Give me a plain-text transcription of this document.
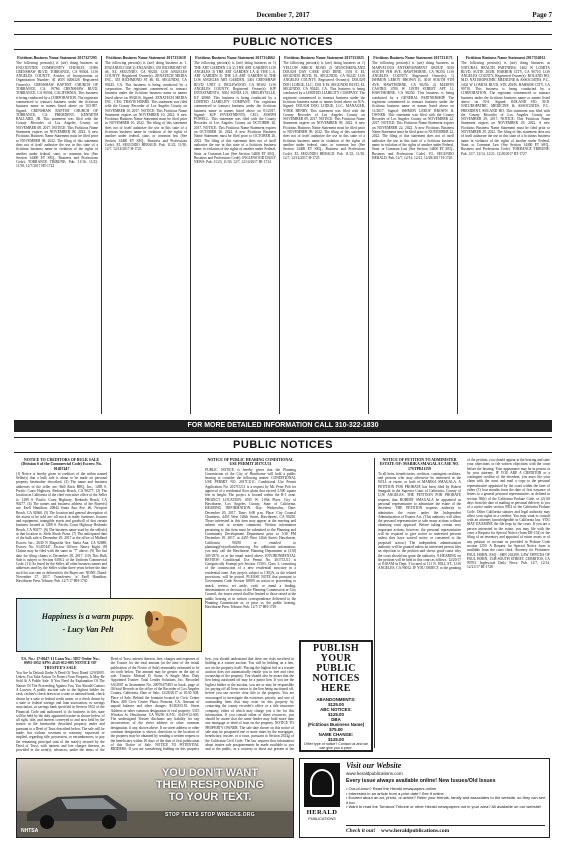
December 7, 2017	Page 7
PUBLIC NOTICES
Fictitious Business Name Statement 2017327295
The following person(s) is (are) doing business as ENCOUNTER COMMUNITY CHURCH, 11906 CRENSHAW BLVD, TORRANCE, CA 90504. LOS ANGELES COUNTY. Articles of Incorporation or Organization Number: AI #ON 0206328. Registered Owner(s): CRENSHAW BAPTIST CHURCH OF TORRANCE, CA, 19766 CRENSHAW BLVD, TORRANCE, CA 90504, CALIFORNIA. This business is being conducted by a CORPORATION. The registrant commenced to transact business under the fictitious business name or names listed above on 10/1987. Signed: CRENSHAW BAPTIST CHURCH OF TORRANCE, CA, PRESIDENT, KENNETH BALLARD, JR. This statement was filed with the County Recorder of Los Angeles County on NOVEMBER 08, 2017. NOTICE: This Fictitious Name Statement expires on NOVEMBER 08, 2022. A new Fictitious Business Name Statement must be filed prior to NOVEMBER 08, 2022. The filing of this statement does not of itself authorize the use in this state of a fictitious business name in violation of the rights of another under federal, state, or common law (See Section 14400 ET SEQ., Business and Professions Code). TORRANCE TRIBUNE: Pub. 11/16, 11/23, 11/30, 12/7/2017 HT-1722
Fictitious Business Name Statement 2017331618
The following person(s) is (are) doing business as 1. ENZANDO.COM 2) ENZANDO, 355 RICHMOND ST #6, EL SEGUNDO, CA 90245. LOS ANGELES COUNTY. Registered Owner(s): ZENATECH MEDIA INC., 355 RICHMOND ST #6, EL SEGUNDO, CA 90245, CA. This business is being conducted by a corporation. The registrant commenced to transact business under the fictitious business name or names listed above on 09/2016. Signed: ZENATECH MEDIA INC., CEO, TRAVIS HOBBS. This statement was filed with the County Recorder of Los Angeles County on NOVEMBER 10, 2017. NOTICE: This Fictitious Name Statement expires on NOVEMBER 10, 2022. A new Fictitious Business Name Statement must be filed prior to NOVEMBER 10, 2022. The filing of this statement does not of itself authorize the use in this state of a fictitious business name in violation of the rights of another under federal, state, or common law (See Section 14400 ET SEQ., Business and Professions Code). EL SEGUNDO HERALD: Pub. 11/23, 11/30, 12/7, 12/14/2017 H-1723
Fictitious Business Name Statement 2017314662
The following person(s) is (are) doing business as 1) THE ART GARDEN LA 2) THE ART GARDEN LOS ANGELES 3) THE ART GARDEN LA 4) THE L.A. ART GARDEN 5) THE LA ART GARDEN 6) THE LOS ANGELES ART GARDEN, 3401 CRENSHAW BLVD. UNIT 2, INGLEWOOD, CA 90302. LOS ANGELES COUNTY. Registered Owner(s): KJP INVESTMENTS, 3004 SONIA LN, SHELBYVILLE, KY 40065. This business is being conducted by a LIMITED LIABILITY COMPANY. The registrant commenced to transact business under the fictitious business name or names listed above on 01/2017. Signed: KJP INVESTMENTS, CEO, JOSEPH POWELL. This statement was filed with the County Recorder of Los Angeles County on OCTOBER 26, 2017. NOTICE: This Fictitious Name Statement expires on OCTOBER 26, 2022. A new Fictitious Business Name Statement must be filed prior to OCTOBER 26, 2022. The filing of this statement does not of itself authorize the use in this state of a fictitious business name in violation of the rights of another under Federal, State, or Common Law (See Section 14400 ET SEQ., Business and Professions Code). INGLEWOOD DAILY NEWS: Pub. 11/23, 11/30, 12/7, 12/14/2017 HI-1724
Fictitious Business Name Statement 2017331025
The following person(s) is (are) doing business as 1) YELLOW BRICK ROAD 2) MUNCHKINLAND DOUGH DAY CARE AND DINE, 1501 E EL SEGUNDO BLVD, EL SEGUNDO, CA 90245. LOS ANGELES COUNTY. Registered Owner(s): DOUGH DOG LODGE, LLC, 1501 E EL SEGUNDO BLVD, EL SEGUNDO, CA 90245, CA. This business is being conducted by a LIMITED LIABILITY COMPANY. The registrant commenced to transact business under the fictitious business name or names listed above on N/A. Signed: DOUGH DOG LODGE, LLC, MANAGER, YORK HENRY. This statement was filed with the County Recorder of Los Angeles County on NOVEMBER 09, 2017. NOTICE: This Fictitious Name Statement expires on NOVEMBER 09, 2022. A new Fictitious Business Name Statement must be filed prior to NOVEMBER 09, 2022. The filing of this statement does not of itself authorize the use in this state of a fictitious business name in violation of the rights of another under federal, state, or common law (See Section 14400 ET SEQ., Business and Professions Code). EL SEGUNDO HERALD: Pub. 11/23, 11/30, 12/7, 12/14/2017 H-1725
Fictitious Business Name Statement 2017331171
The following person(s) is (are) doing business as MARVELOUS ENTERTAINMENT GROUP, 3010 SOUTH 9TH AVE, HAWTHORNE, CA 90250. LOS ANGELES COUNTY. Registered Owner(s): 1) ISHMON LEROY BROWN II, 3010 SOUTH 9TH AVE, HAWTHORNE, CA 90250. 2) MARVIN CASTRO, 4700 W 139TH STREET APT 11, HAWTHORNE, CA 90250. This business is being conducted by a GENERAL PARTNERSHIP. The registrant commenced to transact business under the fictitious business name or names listed above on 11/2017. Signed: ISHMON LEROY BROWN II, OWNER. This statement was filed with the County Recorder of Los Angeles County on NOVEMBER 22, 2017. NOTICE: This Fictitious Name Statement expires on NOVEMBER 22, 2022. A new Fictitious Business Name Statement must be filed prior to NOVEMBER 22, 2022. The filing of this statement does not of itself authorize the use in this state of a fictitious business name in violation of the rights of another under Federal, State, or Common Law (See Section 14400 ET SEQ., Business and Professions Code). EL SEGUNDO HERALD: Pub. 12/7, 12/14, 12/21, 12/28/2017 H-1726
Fictitious Business Name Statement 2017334012
The following person(s) is (are) doing business as NATURAL HEALTH PARTNERS, 1402 W LOMITA BLVD, SUITE 203/B, HARBOR CITY, CA 90710. LOS ANGELES COUNTY. Registered Owner(s): ROLAND HO, M.D. NATUROPATHIC MEDICINE & ASSOCIATES, P.C., 1402 W LOMITA BLVD, STE 203/B, HARBOR CITY, CA 90710. This business is being conducted by a CORPORATION. The registrant commenced to transact business under the fictitious business name or names listed above on N/A. Signed: ROLAND HO, M.D. NATUROPATHIC MEDICINE & ASSOCIATES, P.C., PRESIDENT, ROLAND HO. This statement was filed with the County Recorder of Los Angeles County on NOVEMBER 29, 2017. NOTICE: This Fictitious Name Statement expires on NOVEMBER 29, 2022. A new Fictitious Business Name Statement must be filed prior to NOVEMBER 29, 2022. The filing of this statement does not of itself authorize the use in this state of a fictitious business name in violation of the rights of another under Federal, State, or Common Law (See Section 14400 ET SEQ., Business and Professions Code). TORRANCE TRIBUNE: Pub. 12/7, 12/14, 12/21, 12/28/2017 HT-1727
FOR MORE DETAILED INFORMATION CALL 310-322-1830
PUBLIC NOTICES
NOTICE TO CREDITORS OF BULK SALE (Division 6 of the Commercial Code) Escrow No. 01407447
(1) Notice is hereby given to creditors of the within named Seller(s) that a bulk sale is about to be made on personal property hereinafter described. (2) The name and business addresses of the seller are: Bell Rock BBQ, Inc., 1288 S. Pacific Coast Highway, Redondo Beach, CA 90277. (3) The location in California of the chief executive office of the Seller is: 1289 S. Pacific Coast Highway, Redondo Beach, CA 90277. (4) The names and business address of the Buyer(s) are: Ezell Hamilton, 20842 Santa Ana Ave, #6, Newport Beach, CA 92660. (5) The location and general description of the assets to be sold are: all stock in trade, furniture, fixtures and equipment, intangible assets and goodwill of that certain business located at 1288 S. Pacific Coast Highway Redondo Beach, CA 90277. (6) The business name used by the seller(s) at that location is: Sloth Shack Pizza. (7) The anticipated date of the bulk sale is December 29, 2017 at the office of Midland Escrow Inc., 2630 N Magnolia Ave, Santa Ana, CA 92688, Escrow No. 01407447, Escrow Officer: Nancy Kight. (8) Claims may be filed with the same as "7" above. (9) The last date for filing claims is December 28, 2017. (10) This Bulk Sale is subject to Section 6106.2 of the Uniform Commercial Code. (11) As listed by the Seller, all other business names and addresses used by the Seller within three years before the date such list was sent or delivered to the Buyer are: NONE. Dated: November 27, 2017. Transferees: /s/ Ezell Hamilton. Hawthorne Press Tribune: Pub. 12/7/17 HH-1730
Happiness is a warm puppy.
- Lucy Van Pelt
NOTICE OF PUBLIC HEARING CONDITIONAL USE PERMIT 2017CU11
PUBLIC NOTICE is hereby given that the Planning Commission of the City of Hawthorne will hold a public hearing to consider the following matter: CONDITIONAL USE PERMIT NO. 2017CU11: Conditional Use Permit Application No. 2017CU11 is a request by Mr. Peter Poh for approval of a residential floor plans that exceed 2,500 square feet in height. The project is located within the R-1 zone. PROJECT LOCATION: 4935 W. 119th Place. City of Hawthorne, Los Angeles County, State of California. HEARING INFORMATION: Day: Wednesday. Date: December 20, 2017. Time: 6:00 p.m. Place: City Council Chambers, 4455 West 126th Street, Hawthorne, CA 90250. Those interested in this item may appear at the meeting and submit oral or written comments. Written information pertaining to this item must be submitted to the Planning and Community Development Department prior to 5:30 PM December 18, 2017, at 4455 West 126th Street, Hawthorne, California 90250 or emailed to planning@cityofhawthorne.org. For additional information, you may call the Hawthorne Planning Department at (310) 349-2970, or at the email noted above. ENVIRONMENTAL REVIEW: Conditional Use Permit No. 2017CU11 is Categorically Exempt per Section 15303, Class 3, consisting of the construction of a new residential structure in a residential zone. Any project subject to CEQA, or the related provisions, will be posted. PLEASE NOTE that pursuant to Government Code Section 65009 an action or proceeding to attack, review, set aside, void, or annul a finding, determination or decision of the Planning Commission or City Council, the issues raised shall be limited to those raised at the public hearing or in written correspondence delivered to the Planning Commission at, or prior to, the public hearing. Hawthorne Press Tribune: Pub. 12/7/17 HH-1729
NOTICE OF PETITION TO ADMINISTER ESTATE OF: MARIKA SMAGALA CASE NO. 17STPB11159
To all heirs, beneficiaries, creditors, contingent creditors, and persons who may otherwise be interested in the WILL or estate, or both of MARIKA SMAGALA. A PETITION FOR PROBATE has been filed by Robert Smagala in the Superior Court of California, County of LOS ANGELES. THE PETITION FOR PROBATE requests that ROBERT SMAGALA be appointed as personal representative to administer the estate of the decedent. THE PETITION requests authority to administer the estate under the Independent Administration of Estates Act. (This authority will allow the personal representative to take many actions without obtaining court approval. Before taking certain very important actions, however, the personal representative will be required to give notice to interested persons unless they have waived notice or consented to the proposed action.) The independent administration authority will be granted unless an interested person files an objection to the petition and shows good cause why the court should not grant the authority. A HEARING on the petition will be held in this court as follows: 12/20/17 at 8:30AM in Dept. 5 located at 111 N. HILL ST., LOS ANGELES, CA 90012. IF YOU OBJECT to the granting of the petition, you should appear at the hearing and state your objections or file written objections with the court before the hearing. Your appearance may be in person or by your attorney. IF YOU ARE A CREDITOR or a contingent creditor of the decedent, you must file your claim with the court and mail a copy to the personal representative appointed by the court within the later of either (1) four months from the date of first issuance of letters to a general personal representative, as defined in section 58(b) of the California Probate Code, or (2) 60 days from the date of mailing or personal delivery to you of a notice under section 9052 of the California Probate Code. Other California statutes and legal authority may affect your rights as a creditor. You may want to consult with an attorney knowledgeable in California law. YOU MAY EXAMINE the file kept by the court. If you are a person interested in the estate, you may file with the court a Request for Special Notice (form DE-154) of the filing of an inventory and appraisal of estate assets or of any petition or account as provided in Probate Code section 1250. A Request for Special Notice form is available from the court clerk. Attorney for Petitioner: PAUL HORN, ESQ - SBN 243299, LAW OFFICES OF PAUL HORN, 1548 SOUTH STREET, CERRITOS, CA 90703. Inglewood Daily News: Pub. 12/7, 12/14, 12/21/17 HI-1728
T.S. No.: 17-0647-11 Loan No.: 3037 Order No.: 0993-1052 APN: 4145-012-005 NOTICE OF TRUSTEE'S SALE
You Are In Default Under A Deed Of Trust Dated 12/9/2005. Unless You Take Action To Protect Your Property, It May Be Sold At A Public Sale. If You Need An Explanation Of The Nature Of The Proceeding Against You, You Should Contact A Lawyer. A public auction sale to the highest bidder for cash, cashier's check drawn on a state or national bank, check drawn by a state or federal credit union, or a check drawn by a state or federal savings and loan association, or savings association, or savings bank specified in Section 5102 of the Financial Code and authorized to do business in this state will be held by the duly appointed trustee as shown below, of all right, title, and interest conveyed to and now held by the trustee in the hereinafter described property under and pursuant to a Deed of Trust described below. The sale will be made, but without covenant or warranty, expressed or implied, regarding title, possession, or encumbrances, to pay the remaining principal sum of the note(s) secured by the Deed of Trust, with interest and late charges thereon, as provided in the note(s), advances, under the terms of the Deed of Trust, interest thereon, fees, charges and expenses of the Trustee for the total amount (at the time of the initial publication of the Notice of Sale) reasonably estimated to be set forth below. The amount may be greater on the day of sale. Trustor: Michael D. Stone, A Single Man. Duly Appointed Trustee: Total Lender Solutions, Inc. Recorded 3/6/2007 as Instrument No. 20070475493 in book, page of Official Records in the office of the Recorder of Los Angeles County, California, Date of Sale: 12/28/2017 at 10:30 AM. Place of Sale: Behind the fountain located in Civic Center Plaza, 400 Civic Center Plaza, Pomona, CA. Amount of unpaid balance and other charges: $138,833.81. Street Address or other common designation of real property: 5315 Windsor St, Hawthorne, CA 90250 A.P.N.: 4145-012-005. The undersigned Trustee disclaims any liability for any incorrectness of the street address or other common designation, if any, shown above. If no street address or other common designation is shown, directions to the location of the property may be obtained by sending a written request to the beneficiary within 10 days of the date of first publication of this Notice of Sale. NOTICE TO POTENTIAL BIDDERS: If you are considering bidding on this property lien, you should understand that there are risks involved in bidding at a trustee auction. You will be bidding on a lien, not on the property itself. Placing the highest bid at a trustee auction does not automatically entitle you to free and clear ownership of the property. You should also be aware that the lien being auctioned off may be a junior lien. If you are the highest bidder at the auction, you are or may be responsible for paying off all liens senior to the lien being auctioned off, before you can receive clear title to the property. You are encouraged to investigate the existence, priority, and size of outstanding liens that may exist on this property by contacting the county recorder's office or a title insurance company, either of which may charge you a fee for this information. If you consult either of these resources, you should be aware that the same lender may hold more than one mortgage or deed of trust on the property. NOTICE TO PROPERTY OWNER: The sale date shown on this notice of sale may be postponed one or more times by the mortgagee, beneficiary, trustee, or a court, pursuant to Section 2924g of the California Civil Code. The law requires that information about trustee sale postponements be made available to you and to the public, as a courtesy to those not present at the
PUBLISH
YOUR
PUBLIC
NOTICES
HERE
ABANDONMENTS:
$125.00
ABC NOTICES:
$125.00
DBA
(Fictitious Business Name)
$75.00
NAME CHANGE:
$125.00
Other type of notice? Contact us and we can give you a price.
YOU DON'T WANT
THEM RESPONDING
TO YOUR TEXT.
STOP TEXTS STOP WRECKS.ORG
NHTSA
Visit our Website
www.heraldpublications.com
HERALD
PUBLICATIONS
Every issue always available online! New Issues/Old Issues
• Out-of-town? Read the Herald newspapers online
• Interested in an article from a prior date? See it online
• Excited about an ad, photo, or article? Refer your friends, family and associates to the website, so they can see it too
• Want to read the Torrance Tribune or other Herald newspapers not in your area? All available on our website!
Check it out! www.heraldpublications.com
